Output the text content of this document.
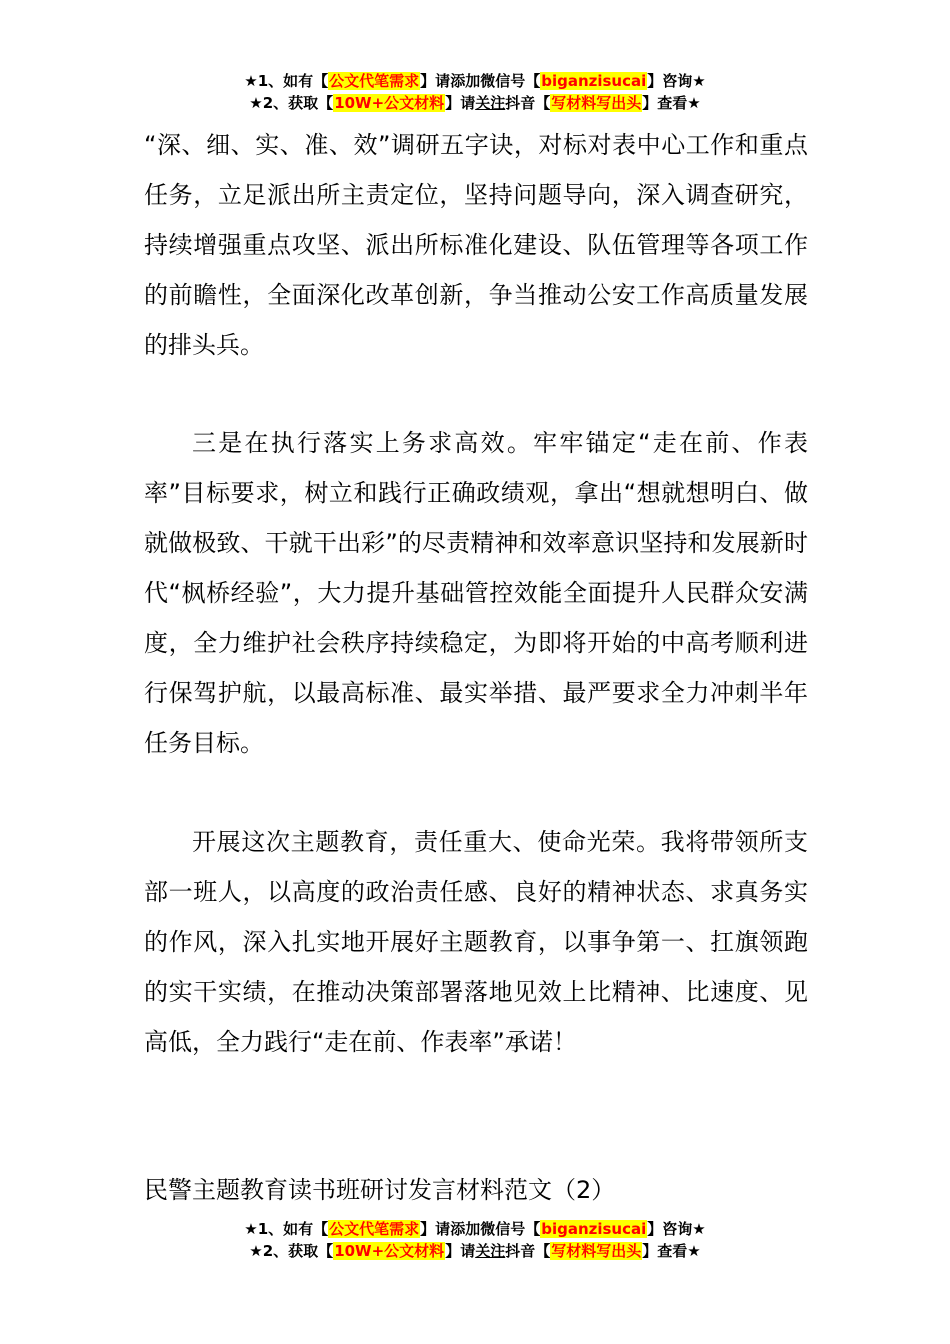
★1、如有【公文代笔需求】请添加微信号【biganzisucai】咨询★
★2、获取【10W+公文材料】请关注抖音【写材料写出头】查看★

“深、细、实、准、效”调研五字诀，对标对表中心工作和重点任务，立足派出所主责定位，坚持问题导向，深入调查研究，持续增强重点攻坚、派出所标准化建设、队伍管理等各项工作的前瞻性，全面深化改革创新，争当推动公安工作高质量发展的排头兵。

三是在执行落实上务求高效。牢牢锚定“走在前、作表率”目标要求，树立和践行正确政绩观，拿出“想就想明白、做就做极致、干就干出彩”的尽责精神和效率意识坚持和发展新时代“枫桥经验”，大力提升基础管控效能全面提升人民群众安满度，全力维护社会秩序持续稳定，为即将开始的中高考顺利进行保驾护航，以最高标准、最实举措、最严要求全力冲刺半年任务目标。

开展这次主题教育，责任重大、使命光荣。我将带领所支部一班人，以高度的政治责任感、良好的精神状态、求真务实的作风，深入扎实地开展好主题教育，以事争第一、扛旗领跑的实干实绩，在推动决策部署落地见效上比精神、比速度、见高低，全力践行“走在前、作表率”承诺！

民警主题教育读书班研讨发言材料范文（2）

★1、如有【公文代笔需求】请添加微信号【biganzisucai】咨询★
★2、获取【10W+公文材料】请关注抖音【写材料写出头】查看★
